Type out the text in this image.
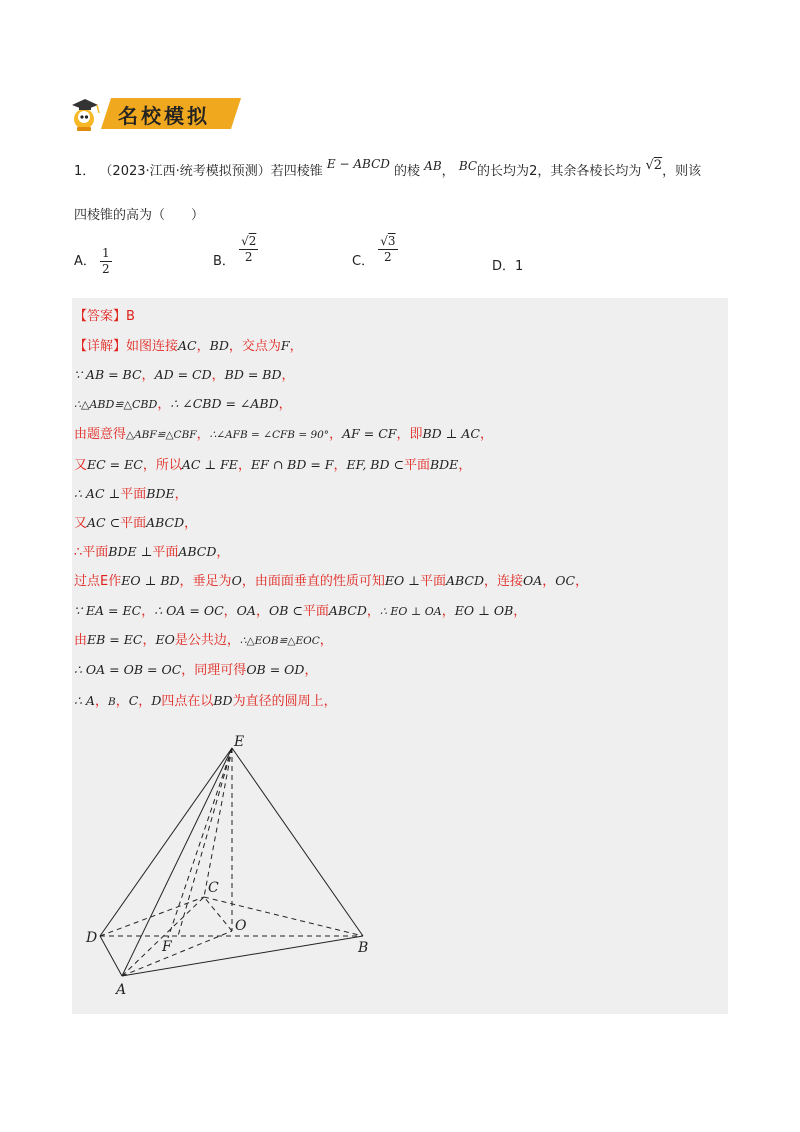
名校模拟
1． （2023·江西·统考模拟预测）若四棱锥 E − ABCD 的棱 AB， BC的长均为2，其余各棱长均为 √2，则该
四棱锥的高为（　　）
A． $\frac{1}{2}$	B． $\frac{√2}{2}$	C． $\frac{√3}{2}$
D．1
【答案】B
【详解】如图连接AC，BD，交点为F，
∵ AB = BC，AD = CD，BD = BD，
∴△ABD≌△CBD，∴ ∠CBD = ∠ABD，
由题意得△ABF≌△CBF，∴∠AFB = ∠CFB = 90°，AF = CF，即BD ⊥ AC，
又EC = EC，所以AC ⊥ FE，EF ∩ BD = F，EF, BD ⊂平面BDE，
∴ AC ⊥平面BDE，
又AC ⊂平面ABCD，
∴平面BDE ⊥平面ABCD，
过点E作EO ⊥ BD，垂足为O，由面面垂直的性质可知EO ⊥平面ABCD，连接OA，OC，
∵ EA = EC，∴ OA = OC，OA，OB ⊂平面ABCD，∴ EO ⊥ OA，EO ⊥ OB，
由EB = EC，EO是公共边，∴△EOB≌△EOC，
∴ OA = OB = OC，同理可得OB = OD，
∴ A，B，C，D四点在以BD为直径的圆周上，
E
C
O
D
F	B
A
